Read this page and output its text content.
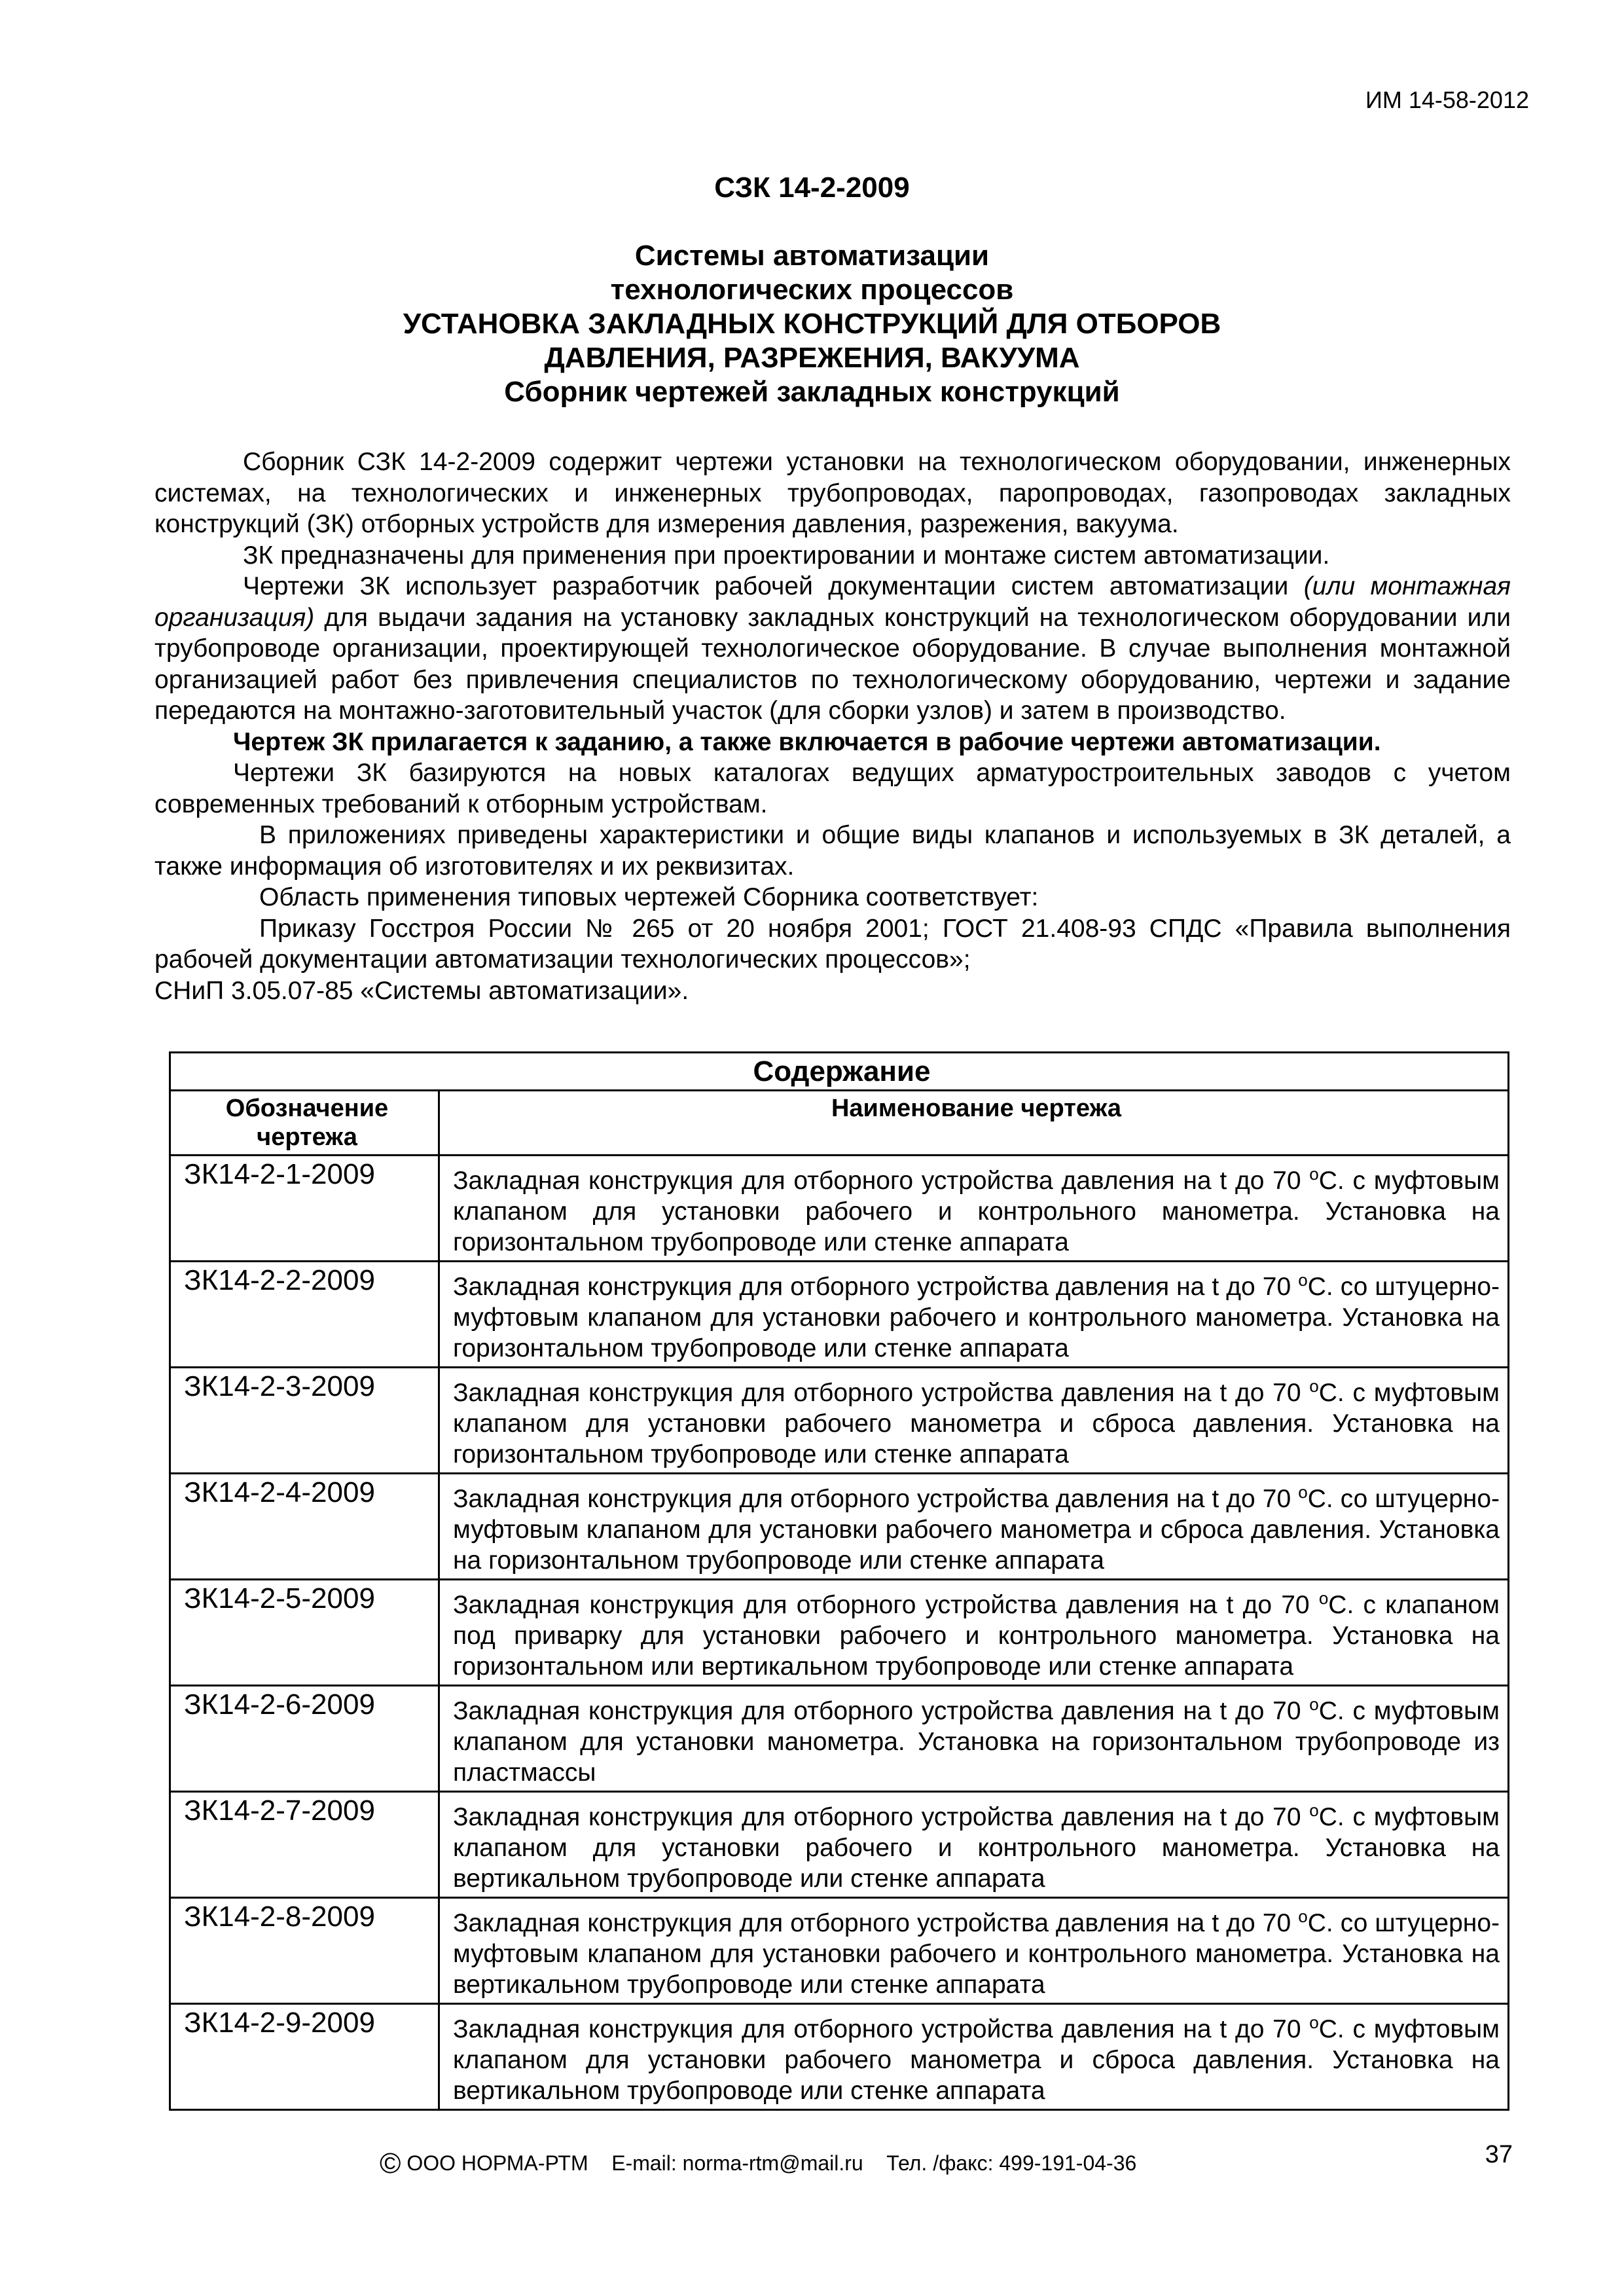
ИМ 14-58-2012
СЗК 14-2-2009
Системы автоматизации
технологических процессов
УСТАНОВКА ЗАКЛАДНЫХ КОНСТРУКЦИЙ ДЛЯ ОТБОРОВ
ДАВЛЕНИЯ, РАЗРЕЖЕНИЯ, ВАКУУМА
Сборник чертежей закладных конструкций

Сборник СЗК 14-2-2009 содержит чертежи установки на технологическом оборудовании, инженерных системах, на технологических и инженерных трубопроводах, паропроводах, газопроводах закладных конструкций (ЗК) отборных устройств для измерения давления, разрежения, вакуума.

ЗК предназначены для применения при проектировании и монтаже систем автоматизации.

Чертежи ЗК использует разработчик рабочей документации систем автоматизации (или монтажная организация) для выдачи задания на установку закладных конструкций на технологическом оборудовании или трубопроводе организации, проектирующей технологическое оборудование. В случае выполнения монтажной организацией работ без привлечения специалистов по технологическому оборудованию, чертежи и задание передаются на монтажно-заготовительный участок (для сборки узлов) и затем в производство.

Чертеж ЗК прилагается к заданию, а также включается в рабочие чертежи автоматизации.

Чертежи ЗК базируются на новых каталогах ведущих арматуростроительных заводов с учетом современных требований к отборным устройствам.

В приложениях приведены характеристики и общие виды клапанов и используемых в ЗК деталей, а также информация об изготовителях и их реквизитах.

Область применения типовых чертежей Сборника соответствует:

Приказу Госстроя России № 265 от 20 ноября 2001; ГОСТ 21.408-93 СПДС «Правила выполнения рабочей документации автоматизации технологических процессов»;

СНиП 3.05.07-85 «Системы автоматизации».

Содержание	
Обозначение чертежа	Наименование чертежа
ЗК14-2-1-2009	Закладная конструкция для отборного устройства давления на t до 70 $^o$С. с муфтовым клапаном для установки рабочего и контрольного манометра. Установка на горизонтальном трубопроводе или стенке аппарата
ЗК14-2-2-2009	Закладная конструкция для отборного устройства давления на t до 70 $^o$С. со штуцерно-муфтовым клапаном для установки рабочего и контрольного манометра. Установка на горизонтальном трубопроводе или стенке аппарата
ЗК14-2-3-2009	Закладная конструкция для отборного устройства давления на t до 70 $^o$С. с муфтовым клапаном для установки рабочего манометра и сброса давления. Установка на горизонтальном трубопроводе или стенке аппарата
ЗК14-2-4-2009	Закладная конструкция для отборного устройства давления на t до 70 $^o$С. со штуцерно-муфтовым клапаном для установки рабочего манометра и сброса давления. Установка на горизонтальном трубопроводе или стенке аппарата
ЗК14-2-5-2009	Закладная конструкция для отборного устройства давления на t до 70 $^o$С. с клапаном под приварку для установки рабочего и контрольного манометра. Установка на горизонтальном или вертикальном трубопроводе или стенке аппарата
ЗК14-2-6-2009	Закладная конструкция для отборного устройства давления на t до 70 $^o$С. с муфтовым клапаном для установки манометра. Установка на горизонтальном трубопроводе из пластмассы
ЗК14-2-7-2009	Закладная конструкция для отборного устройства давления на t до 70 $^o$С. с муфтовым клапаном для установки рабочего и контрольного манометра. Установка на вертикальном трубопроводе или стенке аппарата
ЗК14-2-8-2009	Закладная конструкция для отборного устройства давления на t до 70 $^o$С. со штуцерно-муфтовым клапаном для установки рабочего и контрольного манометра. Установка на вертикальном трубопроводе или стенке аппарата
ЗК14-2-9-2009	Закладная конструкция для отборного устройства давления на t до 70 $^o$С. с муфтовым клапаном для установки рабочего манометра и сброса давления. Установка на вертикальном трубопроводе или стенке аппарата
© ООО НОРМА-РТМ E-mail: norma-rtm@mail.ru Тел. /факс: 499-191-04-36	37
